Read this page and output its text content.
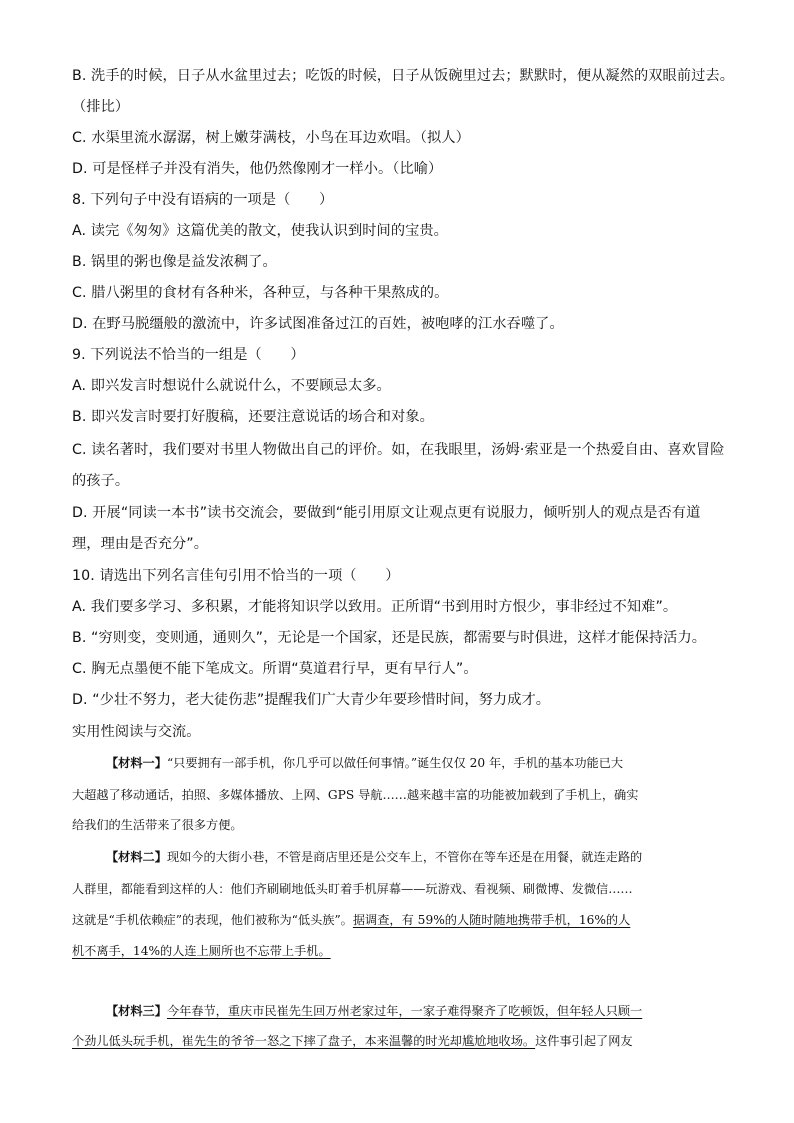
B. 洗手的时候，日子从水盆里过去；吃饭的时候，日子从饭碗里过去；默默时，便从凝然的双眼前过去。
（排比）
C. 水渠里流水潺潺，树上嫩芽满枝，小鸟在耳边欢唱。（拟人）
D. 可是怪样子并没有消失，他仍然像刚才一样小。（比喻）
8. 下列句子中没有语病的一项是（　　）
A. 读完《匆匆》这篇优美的散文，使我认识到时间的宝贵。
B. 锅里的粥也像是益发浓稠了。
C. 腊八粥里的食材有各种米，各种豆，与各种干果熬成的。
D. 在野马脱缰般的激流中，许多试图准备过江的百姓，被咆哮的江水吞噬了。
9. 下列说法不恰当的一组是（　　）
A. 即兴发言时想说什么就说什么，不要顾忌太多。
B. 即兴发言时要打好腹稿，还要注意说话的场合和对象。
C. 读名著时，我们要对书里人物做出自己的评价。如，在我眼里，汤姆·索亚是一个热爱自由、喜欢冒险
的孩子。
D. 开展“同读一本书”读书交流会，要做到“能引用原文让观点更有说服力，倾听别人的观点是否有道
理，理由是否充分”。
10. 请选出下列名言佳句引用不恰当的一项（　　）
A. 我们要多学习、多积累，才能将知识学以致用。正所谓“书到用时方恨少，事非经过不知难”。
B. “穷则变，变则通，通则久”，无论是一个国家，还是民族，都需要与时俱进，这样才能保持活力。
C. 胸无点墨便不能下笔成文。所谓“莫道君行早，更有早行人”。
D. “少壮不努力，老大徒伤悲”提醒我们广大青少年要珍惜时间，努力成才。
实用性阅读与交流。
【材料一】“只要拥有一部手机，你几乎可以做任何事情。”诞生仅仅 20 年，手机的基本功能已大
大超越了移动通话，拍照、多媒体播放、上网、GPS 导航……越来越丰富的功能被加载到了手机上，确实
给我们的生活带来了很多方便。
【材料二】现如今的大街小巷，不管是商店里还是公交车上，不管你在等车还是在用餐，就连走路的
人群里，都能看到这样的人：他们齐刷刷地低头盯着手机屏幕——玩游戏、看视频、刷微博、发微信……
这就是“手机依赖症”的表现，他们被称为“低头族”。据调查，有 59%的人随时随地携带手机，16%的人
机不离手，14%的人连上厕所也不忘带上手机。
【材料三】今年春节，重庆市民崔先生回万州老家过年，一家子难得聚齐了吃顿饭，但年轻人只顾一
个劲儿低头玩手机，崔先生的爷爷一怒之下摔了盘子，本来温馨的时光却尴尬地收场。这件事引起了网友
